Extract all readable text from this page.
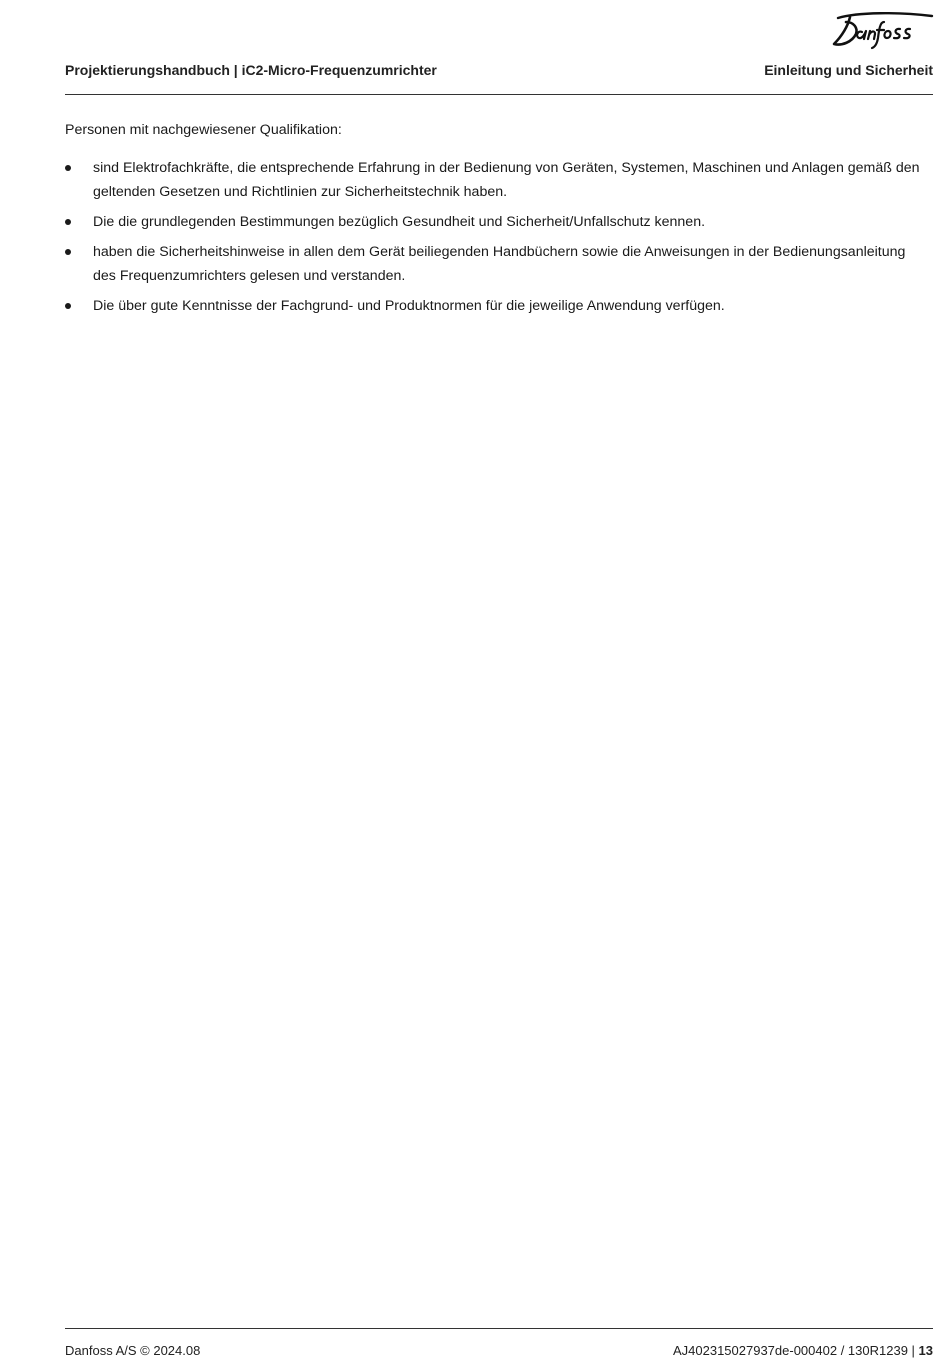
Projektierungshandbuch | iC2-Micro-Frequenzumrichter	Einleitung und Sicherheit

Personen mit nachgewiesener Qualifikation:

sind Elektrofachkräfte, die entsprechende Erfahrung in der Bedienung von Geräten, Systemen, Maschinen und Anlagen gemäß den geltenden Gesetzen und Richtlinien zur Sicherheitstechnik haben.
Die die grundlegenden Bestimmungen bezüglich Gesundheit und Sicherheit/Unfallschutz kennen.
haben die Sicherheitshinweise in allen dem Gerät beiliegenden Handbüchern sowie die Anweisungen in der Bedienungsanleitung des Frequenzumrichters gelesen und verstanden.
Die über gute Kenntnisse der Fachgrund- und Produktnormen für die jeweilige Anwendung verfügen.
Danfoss A/S © 2024.08	AJ402315027937de-000402 / 130R1239 | 13
